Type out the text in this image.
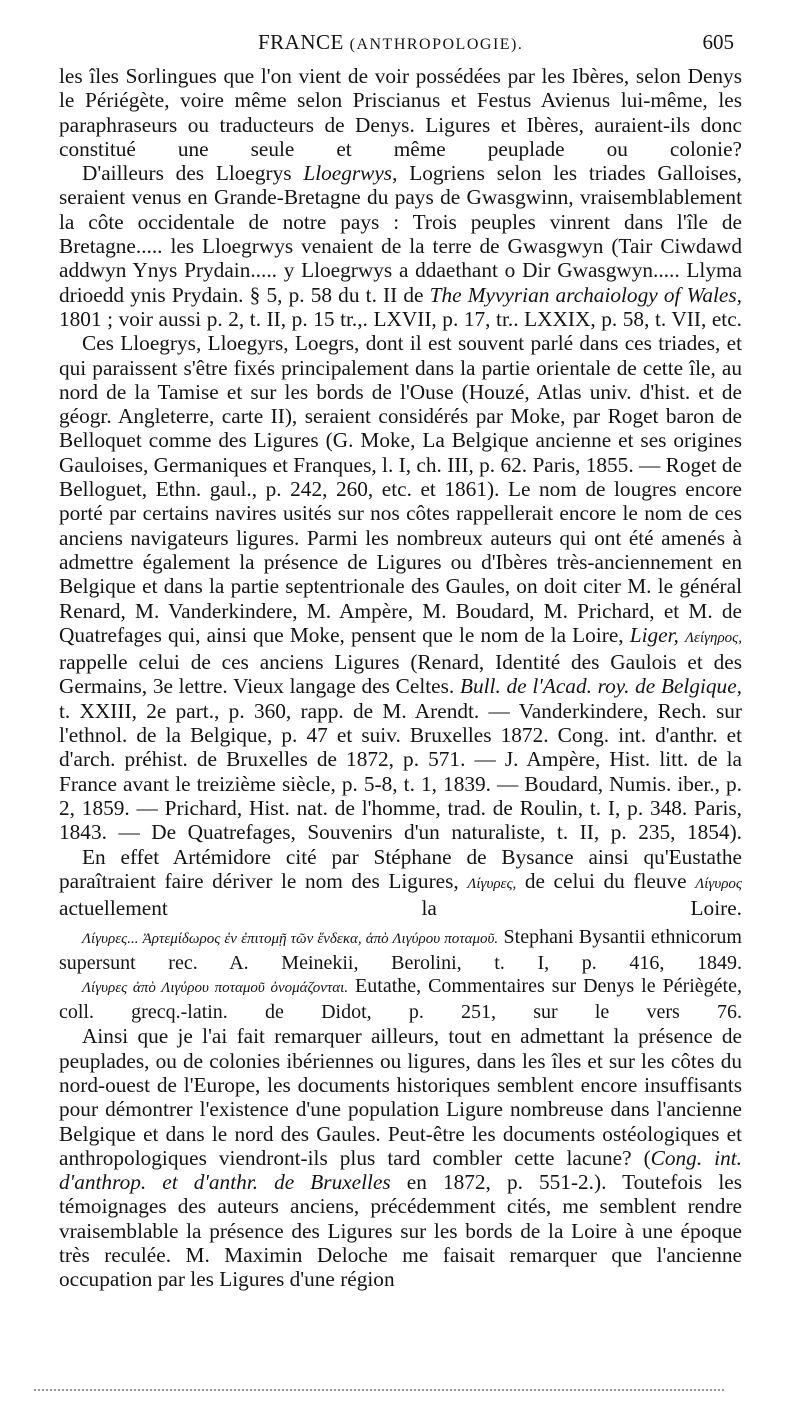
FRANCE (ANTHROPOLOGIE).	605

les îles Sorlingues que l'on vient de voir possédées par les Ibères, selon Denys le Périégète, voire même selon Priscianus et Festus Avienus lui-même, les paraphraseurs ou traducteurs de Denys. Ligures et Ibères, auraient-ils donc constitué une seule et même peuplade ou colonie?

D'ailleurs des Lloegrys Lloegrwys, Logriens selon les triades Galloises, seraient venus en Grande-Bretagne du pays de Gwasgwinn, vraisemblablement la côte occidentale de notre pays : Trois peuples vinrent dans l'île de Bretagne..... les Lloegrwys venaient de la terre de Gwasgwyn (Tair Ciwdawd addwyn Ynys Prydain..... y Lloegrwys a ddaethant o Dir Gwasgwyn..... Llyma drioedd ynis Prydain. § 5, p. 58 du t. II de The Myvyrian archaiology of Wales, 1801 ; voir aussi p. 2, t. II, p. 15 tr.,. LXVII, p. 17, tr.. LXXIX, p. 58, t. VII, etc.

Ces Lloegrys, Lloegyrs, Loegrs, dont il est souvent parlé dans ces triades, et qui paraissent s'être fixés principalement dans la partie orientale de cette île, au nord de la Tamise et sur les bords de l'Ouse (Houzé, Atlas univ. d'hist. et de géogr. Angleterre, carte II), seraient considérés par Moke, par Roget baron de Belloquet comme des Ligures (G. Moke, La Belgique ancienne et ses origines Gauloises, Germaniques et Franques, l. I, ch. III, p. 62. Paris, 1855. — Roget de Belloguet, Ethn. gaul., p. 242, 260, etc. et 1861). Le nom de lougres encore porté par certains navires usités sur nos côtes rappellerait encore le nom de ces anciens navigateurs ligures. Parmi les nombreux auteurs qui ont été amenés à admettre également la présence de Ligures ou d'Ibères très-anciennement en Belgique et dans la partie septentrionale des Gaules, on doit citer M. le général Renard, M. Vanderkindere, M. Ampère, M. Boudard, M. Prichard, et M. de Quatrefages qui, ainsi que Moke, pensent que le nom de la Loire, Liger, Λείγηρος, rappelle celui de ces anciens Ligures (Renard, Identité des Gaulois et des Germains, 3e lettre. Vieux langage des Celtes. Bull. de l'Acad. roy. de Belgique, t. XXIII, 2e part., p. 360, rapp. de M. Arendt. — Vanderkindere, Rech. sur l'ethnol. de la Belgique, p. 47 et suiv. Bruxelles 1872. Cong. int. d'anthr. et d'arch. préhist. de Bruxelles de 1872, p. 571. — J. Ampère, Hist. litt. de la France avant le treizième siècle, p. 5-8, t. 1, 1839. — Boudard, Numis. iber., p. 2, 1859. — Prichard, Hist. nat. de l'homme, trad. de Roulin, t. I, p. 348. Paris, 1843. — De Quatrefages, Souvenirs d'un naturaliste, t. II, p. 235, 1854).

En effet Artémidore cité par Stéphane de Bysance ainsi qu'Eustathe paraîtraient faire dériver le nom des Ligures, Λίγυρες, de celui du fleuve Λίγυρος actuellement la Loire.

Λίγυρες... Ἀρτεμίδωρος ἐν ἐπιτομῇ τῶν ἕνδεκα, ἀπὸ Λιγύρου ποταμοῦ. Stephani Bysantii ethnicorum supersunt rec. A. Meinekii, Berolini, t. I, p. 416, 1849.

Λίγυρες ἀπὸ Λιγύρου ποταμοῦ ὀνομάζονται. Eutathe, Commentaires sur Denys le Périègéte, coll. grecq.-latin. de Didot, p. 251, sur le vers 76.

Ainsi que je l'ai fait remarquer ailleurs, tout en admettant la présence de peuplades, ou de colonies ibériennes ou ligures, dans les îles et sur les côtes du nord-ouest de l'Europe, les documents historiques semblent encore insuffisants pour démontrer l'existence d'une population Ligure nombreuse dans l'ancienne Belgique et dans le nord des Gaules. Peut-être les documents ostéologiques et anthropologiques viendront-ils plus tard combler cette lacune? (Cong. int. d'anthrop. et d'anthr. de Bruxelles en 1872, p. 551-2.). Toutefois les témoignages des auteurs anciens, précédemment cités, me semblent rendre vraisemblable la présence des Ligures sur les bords de la Loire à une époque très reculée. M. Maximin Deloche me faisait remarquer que l'ancienne occupation par les Ligures d'une région
